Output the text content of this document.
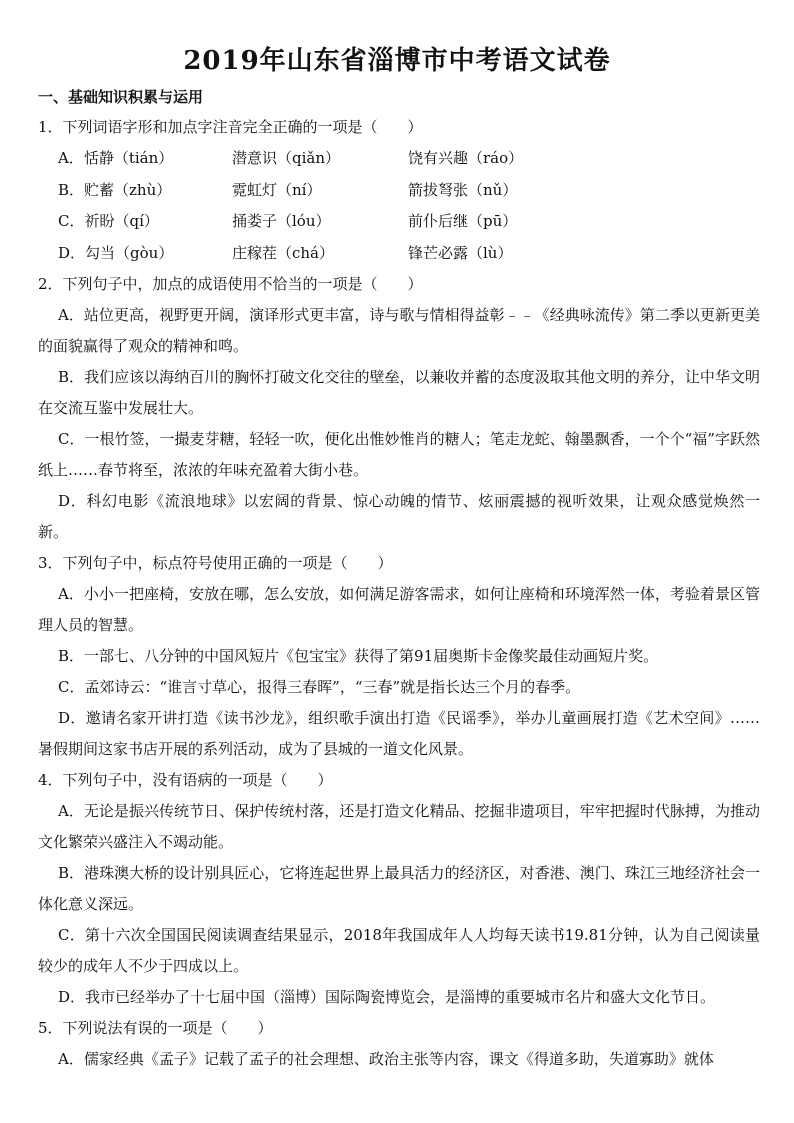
2019年山东省淄博市中考语文试卷
一、基础知识积累与运用

1．下列词语字形和加点字注音完全正确的一项是（　　）

A．恬静（tián）	潜意识（qiǎn）	饶有兴趣（ráo）
B．贮蓄（zhù）	霓虹灯（ní）	箭拔弩张（nǔ）
C．祈盼（qí）	捅娄子（lóu）	前仆后继（pū）
D．勾当（gòu）	庄稼茬（chá）	锋芒必露（lù）

2．下列句子中，加点的成语使用不恰当的一项是（　　）

A．站位更高，视野更开阔，演译形式更丰富，诗与歌与情相得益彰﹣﹣《经典咏流传》第二季以更新更美的面貌赢得了观众的精神和鸣。

B．我们应该以海纳百川的胸怀打破文化交往的壁垒，以兼收并蓄的态度汲取其他文明的养分，让中华文明在交流互鉴中发展壮大。

C．一根竹签，一撮麦芽糖，轻轻一吹，便化出惟妙惟肖的糖人；笔走龙蛇、翰墨飘香，一个个“福”字跃然纸上……春节将至，浓浓的年味充盈着大街小巷。

D．科幻电影《流浪地球》以宏阔的背景、惊心动魄的情节、炫丽震撼的视听效果，让观众感觉焕然一新。

3．下列句子中，标点符号使用正确的一项是（　　）

A．小小一把座椅，安放在哪，怎么安放，如何满足游客需求，如何让座椅和环境浑然一体，考验着景区管理人员的智慧。

B．一部七、八分钟的中国风短片《包宝宝》获得了第91届奥斯卡金像奖最佳动画短片奖。

C．孟郊诗云：“谁言寸草心，报得三春晖”，“三春”就是指长达三个月的春季。

D．邀请名家开讲打造《读书沙龙》，组织歌手演出打造《民谣季》，举办儿童画展打造《艺术空间》……暑假期间这家书店开展的系列活动，成为了县城的一道文化风景。

4．下列句子中，没有语病的一项是（　　）

A．无论是振兴传统节日、保护传统村落，还是打造文化精品、挖掘非遗项目，牢牢把握时代脉搏，为推动文化繁荣兴盛注入不竭动能。

B．港珠澳大桥的设计别具匠心，它将连起世界上最具活力的经济区，对香港、澳门、珠江三地经济社会一体化意义深远。

C．第十六次全国国民阅读调查结果显示，2018年我国成年人人均每天读书19.81分钟，认为自己阅读量较少的成年人不少于四成以上。

D．我市已经举办了十七届中国（淄博）国际陶瓷博览会，是淄博的重要城市名片和盛大文化节日。

5．下列说法有误的一项是（　　）

A．儒家经典《孟子》记载了孟子的社会理想、政治主张等内容，课文《得道多助，失道寡助》就体
